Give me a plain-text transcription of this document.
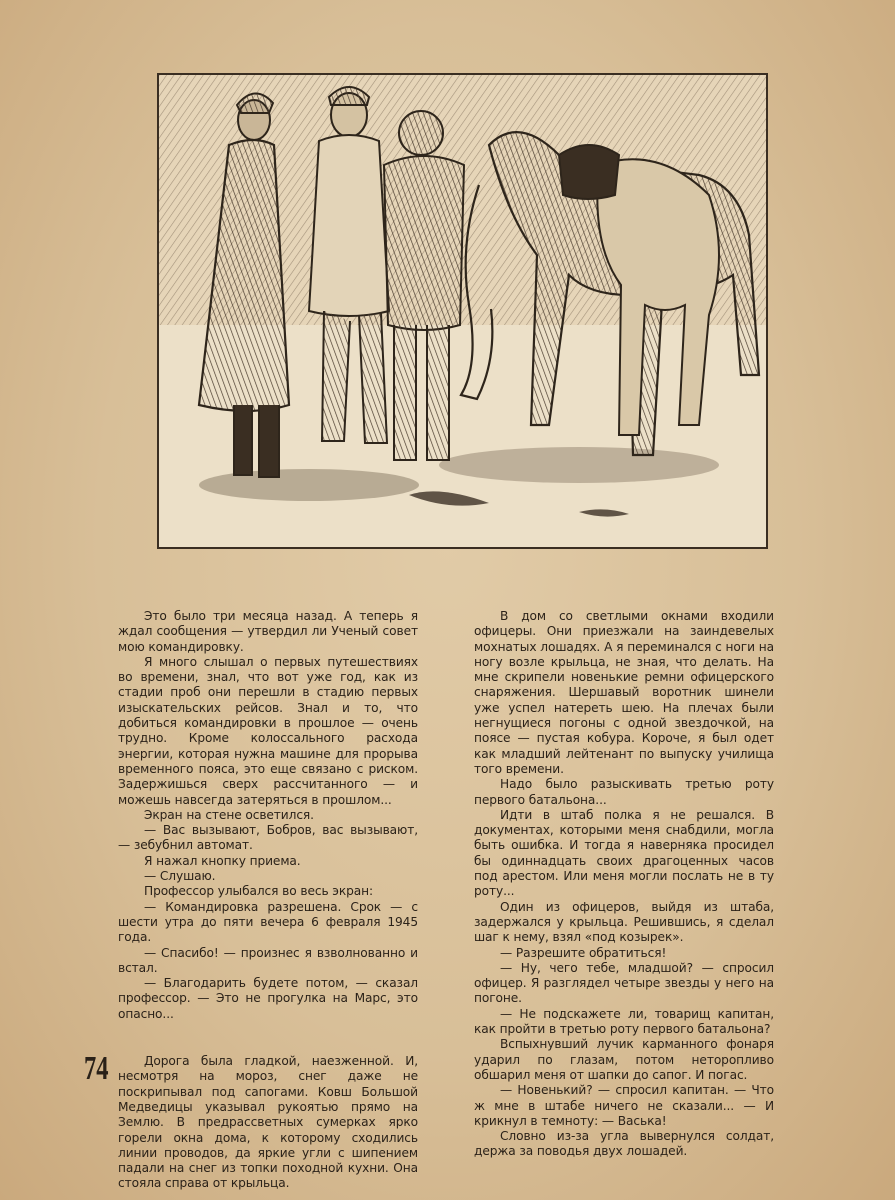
Это было три месяца назад. А теперь я ждал сообщения — утвердил ли Ученый совет мою командировку.

Я много слышал о первых путешествиях во времени, знал, что вот уже год, как из стадии проб они перешли в стадию первых изыскательских рейсов. Знал и то, что добиться командировки в прошлое — очень трудно. Кроме колоссального расхода энергии, которая нужна машине для прорыва временного пояса, это еще связано с риском. Задержишься сверх рассчитанного — и можешь навсегда затеряться в прошлом...

Экран на стене осветился.

— Вас вызывают, Бобров, вас вызывают, — зебубнил автомат.

Я нажал кнопку приема.

— Слушаю.

Профессор улыбался во весь экран:

— Командировка разрешена. Срок — с шести утра до пяти вечера 6 февраля 1945 года.

— Спасибо! — произнес я взволнованно и встал.

— Благодарить будете потом, — сказал профессор. — Это не прогулка на Марс, это опасно...

Дорога была гладкой, наезженной. И, несмотря на мороз, снег даже не поскрипывал под сапогами. Ковш Большой Медведицы указывал рукоятью прямо на Землю. В предрассветных сумерках ярко горели окна дома, к которому сходились линии проводов, да яркие угли с шипением падали на снег из топки походной кухни. Она стояла справа от крыльца.

В дом со светлыми окнами входили офицеры. Они приезжали на заиндевелых мохнатых лошадях. А я переминался с ноги на ногу возле крыльца, не зная, что делать. На мне скрипели новенькие ремни офицерского снаряжения. Шершавый воротник шинели уже успел натереть шею. На плечах были негнущиеся погоны с одной звездочкой, на поясе — пустая кобура. Короче, я был одет как младший лейтенант по выпуску училища того времени.

Надо было разыскивать третью роту первого батальона...

Идти в штаб полка я не решался. В документах, которыми меня снабдили, могла быть ошибка. И тогда я наверняка просидел бы одиннадцать своих драгоценных часов под арестом. Или меня могли послать не в ту роту...

Один из офицеров, выйдя из штаба, задержался у крыльца. Решившись, я сделал шаг к нему, взял «под козырек».

— Разрешите обратиться!

— Ну, чего тебе, младшой? — спросил офицер. Я разглядел четыре звезды у него на погоне.

— Не подскажете ли, товарищ капитан, как пройти в третью роту первого батальона?

Вспыхнувший лучик карманного фонаря ударил по глазам, потом неторопливо обшарил меня от шапки до сапог. И погас.

— Новенький? — спросил капитан. — Что ж мне в штабе ничего не сказали... — И крикнул в темноту: — Васька!

Словно из-за угла вывернулся солдат, держа за поводья двух лошадей.

74
